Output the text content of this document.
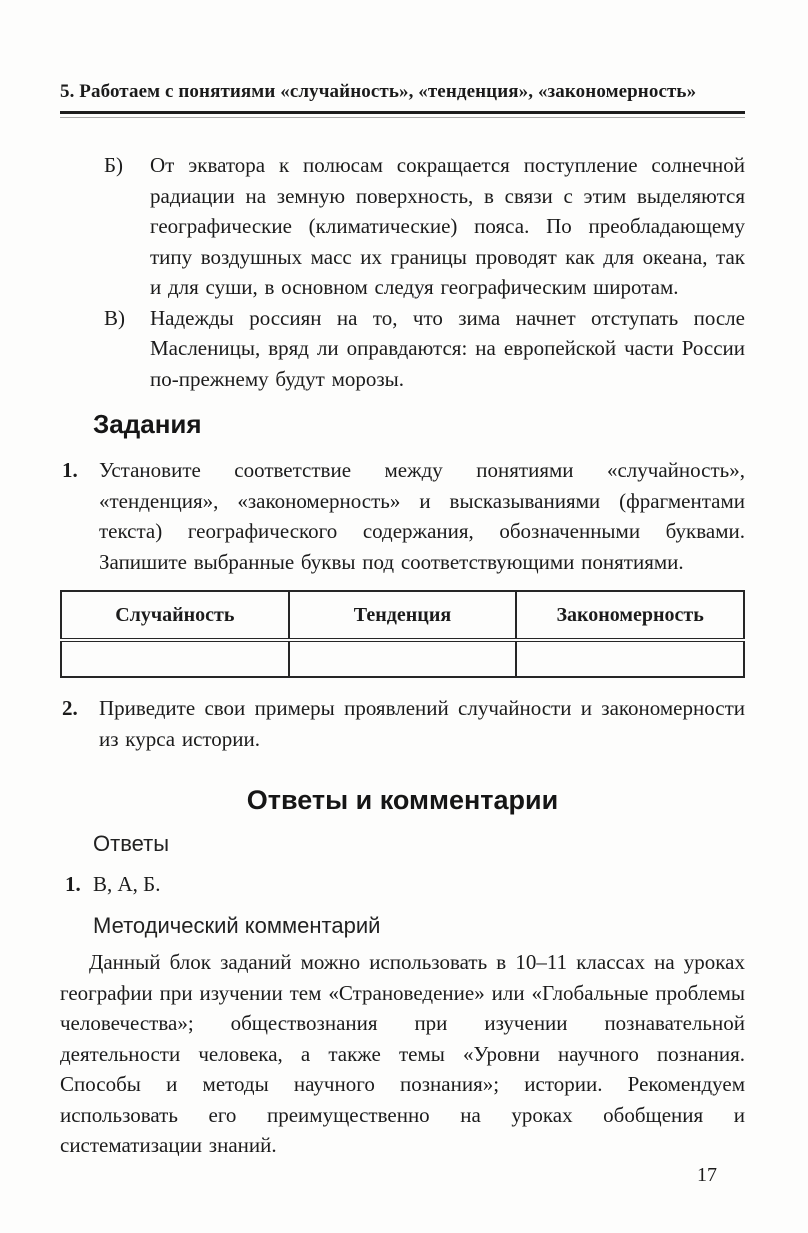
5. Работаем с понятиями «случайность», «тенденция», «закономерность»
Б)	От экватора к полюсам сокращается поступление солнечной радиации на земную поверхность, в связи с этим выделяются географические (климатические) пояса. По преобладающему типу воздушных масс их границы проводят как для океана, так и для суши, в основном следуя географическим широтам.

В)	Надежды россиян на то, что зима начнет отступать после Масленицы, вряд ли оправдаются: на европейской части России по-прежнему будут морозы.

Задания
1.	Установите соответствие между понятиями «случайность», «тенденция», «закономерность» и высказываниями (фрагментами текста) географического содержания, обозначенными буквами. Запишите выбранные буквы под соответствующими понятиями.

Случайность	Тенденция	Закономерность

2.	Приведите свои примеры проявлений случайности и закономерности из курса истории.

Ответы и комментарии
Ответы
1. В, А, Б.
Методический комментарий

Данный блок заданий можно использовать в 10–11 классах на уроках географии при изучении тем «Страноведение» или «Глобальные проблемы человечества»; обществознания при изучении познавательной деятельности человека, а также темы «Уровни научного познания. Способы и методы научного познания»; истории. Рекомендуем использовать его преимущественно на уроках обобщения и систематизации знаний.

17
